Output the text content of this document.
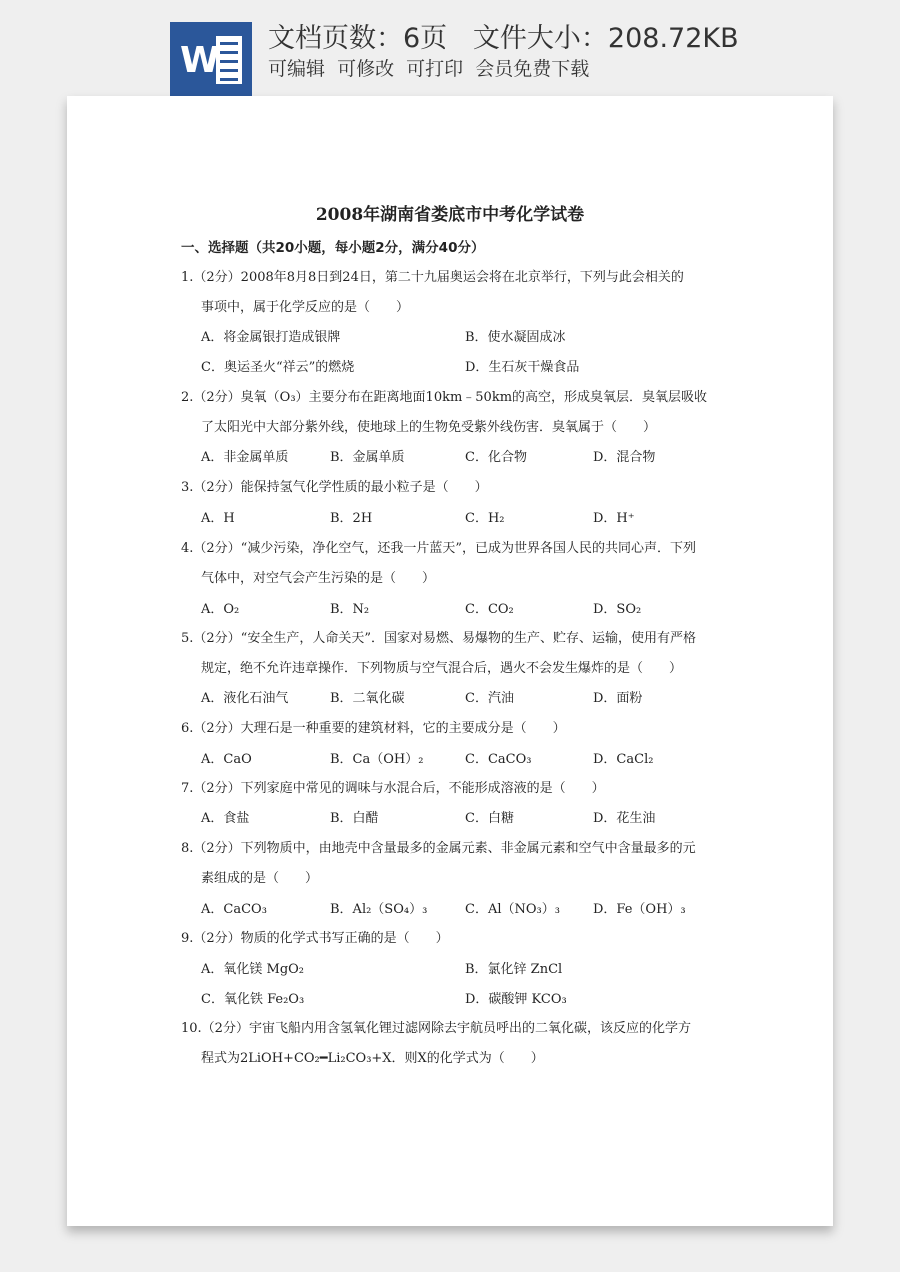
W
文档页数：6页   文件大小：208.72KB
可编辑  可修改  可打印  会员免费下载
2008年湖南省娄底市中考化学试卷
一、选择题（共20小题，每小题2分，满分40分）
1.（2分）2008年8月8日到24日，第二十九届奥运会将在北京举行，下列与此会相关的
事项中，属于化学反应的是（　　）
A．将金属银打造成银牌	B．使水凝固成冰
C．奥运圣火“祥云”的燃烧	D．生石灰干燥食品
2.（2分）臭氧（O₃）主要分布在距离地面10km﹣50km的高空，形成臭氧层．臭氧层吸收
了太阳光中大部分紫外线，使地球上的生物免受紫外线伤害．臭氧属于（　　）
A．非金属单质	B．金属单质	C．化合物	D．混合物
3.（2分）能保持氢气化学性质的最小粒子是（　　）
A．H	B．2H	C．H₂	D．H⁺
4.（2分）“减少污染，净化空气，还我一片蓝天”，已成为世界各国人民的共同心声．下列
气体中，对空气会产生污染的是（　　）
A．O₂	B．N₂	C．CO₂	D．SO₂
5.（2分）“安全生产，人命关天”．国家对易燃、易爆物的生产、贮存、运输，使用有严格
规定，绝不允许违章操作．下列物质与空气混合后，遇火不会发生爆炸的是（　　）
A．液化石油气	B．二氧化碳	C．汽油	D．面粉
6.（2分）大理石是一种重要的建筑材料，它的主要成分是（　　）
A．CaO	B．Ca（OH）₂	C．CaCO₃	D．CaCl₂
7.（2分）下列家庭中常见的调味与水混合后，不能形成溶液的是（　　）
A．食盐	B．白醋	C．白糖	D．花生油
8.（2分）下列物质中，由地壳中含量最多的金属元素、非金属元素和空气中含量最多的元
素组成的是（　　）
A．CaCO₃	B．Al₂（SO₄）₃	C．Al（NO₃）₃	D．Fe（OH）₃
9.（2分）物质的化学式书写正确的是（　　）
A．氧化镁 MgO₂	B．氯化锌 ZnCl
C．氧化铁 Fe₂O₃	D．碳酸钾 KCO₃
10.（2分）宇宙飞船内用含氢氧化锂过滤网除去宇航员呼出的二氧化碳，该反应的化学方
程式为2LiOH+CO₂━Li₂CO₃+X．则X的化学式为（　　）
